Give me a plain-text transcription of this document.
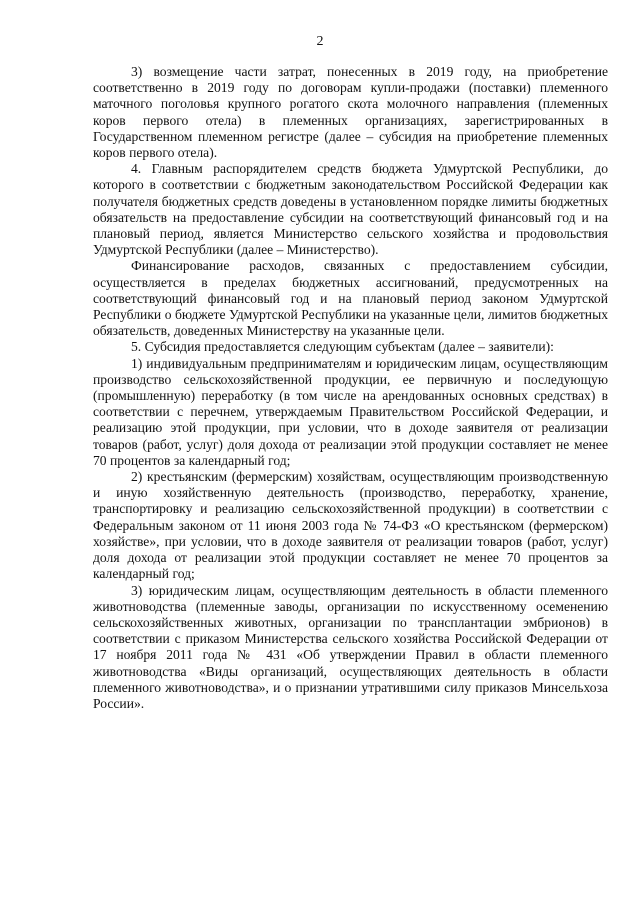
2

3) возмещение части затрат, понесенных в 2019 году, на приобретение соответственно в 2019 году по договорам купли-продажи (поставки) племенного маточного поголовья крупного рогатого скота молочного направления (племенных коров первого отела) в племенных организациях, зарегистрированных в Государственном племенном регистре (далее – субсидия на приобретение племенных коров первого отела).

4. Главным распорядителем средств бюджета Удмуртской Республики, до которого в соответствии с бюджетным законодательством Российской Федерации как получателя бюджетных средств доведены в установленном порядке лимиты бюджетных обязательств на предоставление субсидии на соответствующий финансовый год и на плановый период, является Министерство сельского хозяйства и продовольствия Удмуртской Республики (далее – Министерство).

Финансирование расходов, связанных с предоставлением субсидии, осуществляется в пределах бюджетных ассигнований, предусмотренных на соответствующий финансовый год и на плановый период законом Удмуртской Республики о бюджете Удмуртской Республики на указанные цели, лимитов бюджетных обязательств, доведенных Министерству на указанные цели.

5. Субсидия предоставляется следующим субъектам (далее – заявители):

1) индивидуальным предпринимателям и юридическим лицам, осуществляющим производство сельскохозяйственной продукции, ее первичную и последующую (промышленную) переработку (в том числе на арендованных основных средствах) в соответствии с перечнем, утверждаемым Правительством Российской Федерации, и реализацию этой продукции, при условии, что в доходе заявителя от реализации товаров (работ, услуг) доля дохода от реализации этой продукции составляет не менее 70 процентов за календарный год;

2) крестьянским (фермерским) хозяйствам, осуществляющим производственную и иную хозяйственную деятельность (производство, переработку, хранение, транспортировку и реализацию сельскохозяйственной продукции) в соответствии с Федеральным законом от 11 июня 2003 года № 74-ФЗ «О крестьянском (фермерском) хозяйстве», при условии, что в доходе заявителя от реализации товаров (работ, услуг) доля дохода от реализации этой продукции составляет не менее 70 процентов за календарный год;

3) юридическим лицам, осуществляющим деятельность в области племенного животноводства (племенные заводы, организации по искусственному осеменению сельскохозяйственных животных, организации по трансплантации эмбрионов) в соответствии с приказом Министерства сельского хозяйства Российской Федерации от 17 ноября 2011 года № 431 «Об утверждении Правил в области племенного животноводства «Виды организаций, осуществляющих деятельность в области племенного животноводства», и о признании утратившими силу приказов Минсельхоза России».
